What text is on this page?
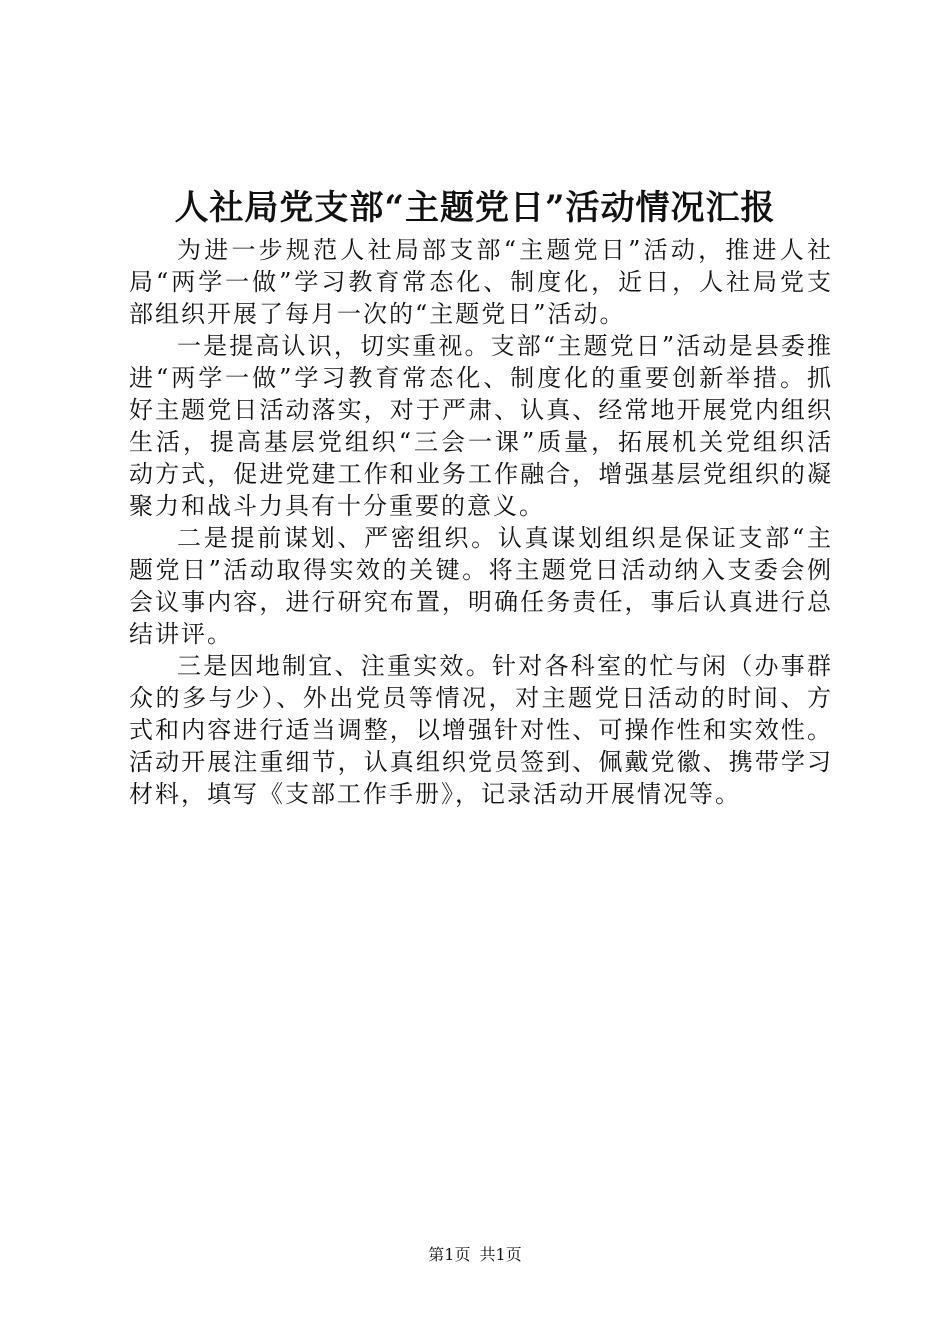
人社局党支部“主题党日”活动情况汇报

为进一步规范人社局部支部“主题党日”活动，推进人社局“两学一做”学习教育常态化、制度化，近日，人社局党支部组织开展了每月一次的“主题党日”活动。

一是提高认识，切实重视。支部“主题党日”活动是县委推进“两学一做”学习教育常态化、制度化的重要创新举措。抓好主题党日活动落实，对于严肃、认真、经常地开展党内组织生活，提高基层党组织“三会一课”质量，拓展机关党组织活动方式，促进党建工作和业务工作融合，增强基层党组织的凝聚力和战斗力具有十分重要的意义。

二是提前谋划、严密组织。认真谋划组织是保证支部“主题党日”活动取得实效的关键。将主题党日活动纳入支委会例会议事内容，进行研究布置，明确任务责任，事后认真进行总结讲评。

三是因地制宜、注重实效。针对各科室的忙与闲（办事群众的多与少）、外出党员等情况，对主题党日活动的时间、方式和内容进行适当调整，以增强针对性、可操作性和实效性。活动开展注重细节，认真组织党员签到、佩戴党徽、携带学习材料，填写《支部工作手册》，记录活动开展情况等。

第1页 共1页
